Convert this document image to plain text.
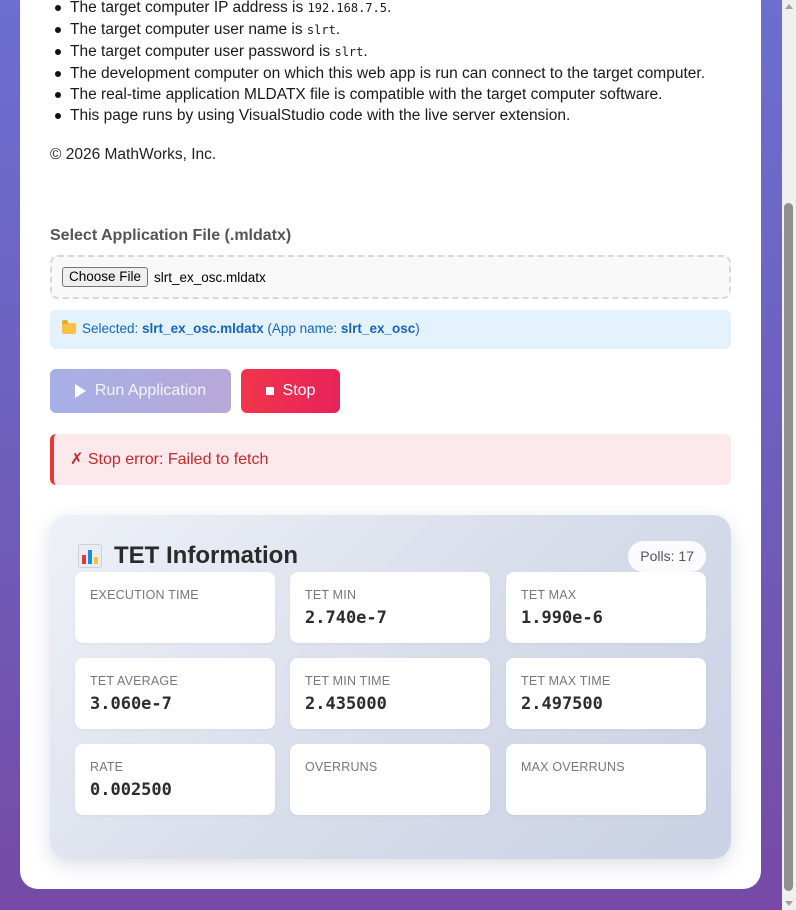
The target computer IP address is 192.168.7.5.
The target computer user name is slrt.
The target computer user password is slrt.
The development computer on which this web app is run can connect to the target computer.
The real-time application MLDATX file is compatible with the target computer software.
This page runs by using VisualStudio code with the live server extension.
© 2026 MathWorks, Inc.
Select Application File (.mldatx)
Choose File slrt_ex_osc.mldatx
Selected: slrt_ex_osc.mldatx (App name: slrt_ex_osc)
Run Application	Stop
✗ Stop error: Failed to fetch
TET Information	Polls: 17
EXECUTION TIME	TET MIN
2.740e-7
TET MAX
1.990e-6
TET AVERAGE
3.060e-7
TET MIN TIME
2.435000
TET MAX TIME
2.497500
RATE
0.002500
OVERRUNS	MAX OVERRUNS
